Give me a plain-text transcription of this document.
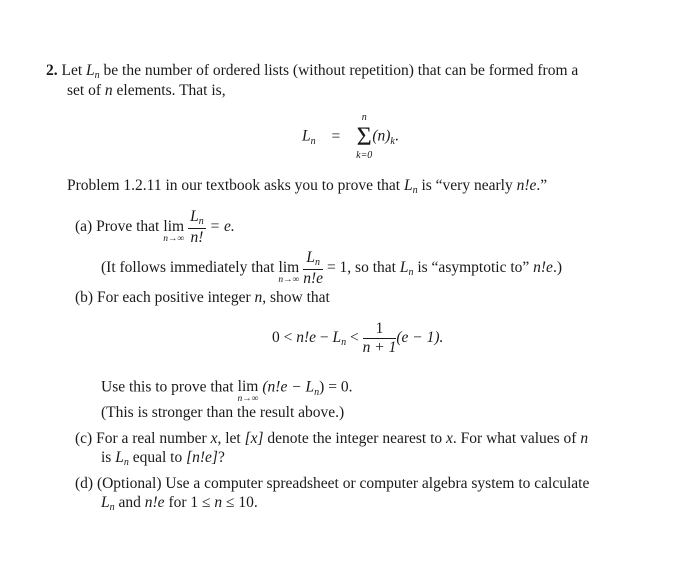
2. Let Ln be the number of ordered lists (without repetition) that can be formed from a
set of n elements. That is,
Ln =
n
Σ
k=0
(n)k.
Problem 1.2.11 in our textbook asks you to prove that Ln is “very nearly n!e.”
(a) Prove that lim
n→∞
$\frac{Ln}{n!} = e$.
(It follows immediately that lim
n→∞
$\frac{Ln}{n!e} = 1$, so that Ln is “asymptotic to” n!e.)
(b) For each positive integer n, show that
$0 < n!e - Ln < \frac{1}{n + 1} (e - 1)$.
Use this to prove that lim
n→∞
(n!e − Ln) = 0.
(This is stronger than the result above.)
(c) For a real number x, let [x] denote the integer nearest to x. For what values of n
is Ln equal to [n!e]?
(d) (Optional) Use a computer spreadsheet or computer algebra system to calculate
Ln and n!e for 1 ≤ n ≤ 10.
